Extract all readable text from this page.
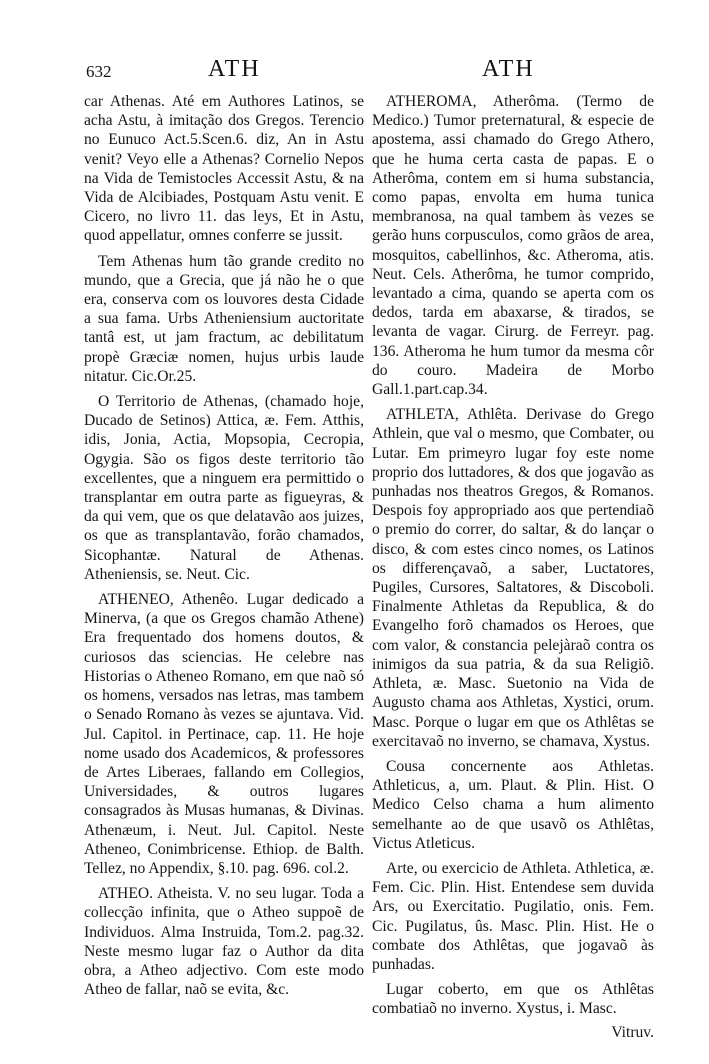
632	ATH	ATH

car Athenas. Até em Authores Latinos, se acha Astu, à imitação dos Gregos. Terencio no Eunuco Act.5.Scen.6. diz, An in Astu venit? Veyo elle a Athenas? Cornelio Nepos na Vida de Temistocles Accessit Astu, & na Vida de Alcibiades, Postquam Astu venit. E Cicero, no livro 11. das leys, Et in Astu, quod appellatur, omnes conferre se jussit.

Tem Athenas hum tão grande credito no mundo, que a Grecia, que já não he o que era, conserva com os louvores desta Cidade a sua fama. Urbs Atheniensium auctoritate tantâ est, ut jam fractum, ac debilitatum propè Græciæ nomen, hujus urbis laude nitatur. Cic.Or.25.

O Territorio de Athenas, (chamado hoje, Ducado de Setinos) Attica, æ. Fem. Atthis, idis, Jonia, Actia, Mopsopia, Cecropia, Ogygia. São os figos deste territorio tão excellentes, que a ninguem era permittido o transplantar em outra parte as figueyras, & da qui vem, que os que delatavão aos juizes, os que as transplantavão, forão chamados, Sicophantæ. Natural de Athenas. Atheniensis, se. Neut. Cic.

ATHENEO, Athenêo. Lugar dedicado a Minerva, (a que os Gregos chamão Athene) Era frequentado dos homens doutos, & curiosos das sciencias. He celebre nas Historias o Atheneo Romano, em que naõ só os homens, versados nas letras, mas tambem o Senado Romano às vezes se ajuntava. Vid. Jul. Capitol. in Pertinace, cap. 11. He hoje nome usado dos Academicos, & professores de Artes Liberaes, fallando em Collegios, Universidades, & outros lugares consagrados às Musas humanas, & Divinas. Athenæum, i. Neut. Jul. Capitol. Neste Atheneo, Conimbricense. Ethiop. de Balth. Tellez, no Appendix, §.10. pag. 696. col.2.

ATHEO. Atheista. V. no seu lugar. Toda a collecção infinita, que o Atheo suppoẽ de Individuos. Alma Instruida, Tom.2. pag.32. Neste mesmo lugar faz o Author da dita obra, a Atheo adjectivo. Com este modo Atheo de fallar, naõ se evita, &c.

ATHEROMA, Atherôma. (Termo de Medico.) Tumor preternatural, & especie de apostema, assi chamado do Grego Athero, que he huma certa casta de papas. E o Atherôma, contem em si huma substancia, como papas, envolta em huma tunica membranosa, na qual tambem às vezes se gerão huns corpusculos, como grãos de area, mosquitos, cabellinhos, &c. Atheroma, atis. Neut. Cels. Atherôma, he tumor comprido, levantado a cima, quando se aperta com os dedos, tarda em abaxarse, & tirados, se levanta de vagar. Cirurg. de Ferreyr. pag. 136. Atheroma he hum tumor da mesma côr do couro. Madeira de Morbo Gall.1.part.cap.34.

ATHLETA, Athlêta. Derivase do Grego Athlein, que val o mesmo, que Combater, ou Lutar. Em primeyro lugar foy este nome proprio dos luttadores, & dos que jogavão as punhadas nos theatros Gregos, & Romanos. Despois foy appropriado aos que pertendiaõ o premio do correr, do saltar, & do lançar o disco, & com estes cinco nomes, os Latinos os differençavaõ, a saber, Luctatores, Pugiles, Cursores, Saltatores, & Discoboli. Finalmente Athletas da Republica, & do Evangelho forõ chamados os Heroes, que com valor, & constancia pelejàraõ contra os inimigos da sua patria, & da sua Religiõ. Athleta, æ. Masc. Suetonio na Vida de Augusto chama aos Athletas, Xystici, orum. Masc. Porque o lugar em que os Athlêtas se exercitavaõ no inverno, se chamava, Xystus.

Cousa concernente aos Athletas. Athleticus, a, um. Plaut. & Plin. Hist. O Medico Celso chama a hum alimento semelhante ao de que usavõ os Athlêtas, Victus Atleticus.

Arte, ou exercicio de Athleta. Athletica, æ. Fem. Cic. Plin. Hist. Entendese sem duvida Ars, ou Exercitatio. Pugilatio, onis. Fem. Cic. Pugilatus, ûs. Masc. Plin. Hist. He o combate dos Athlêtas, que jogavaõ às punhadas.

Lugar coberto, em que os Athlêtas combatiaõ no inverno. Xystus, i. Masc.

Vitruv.
